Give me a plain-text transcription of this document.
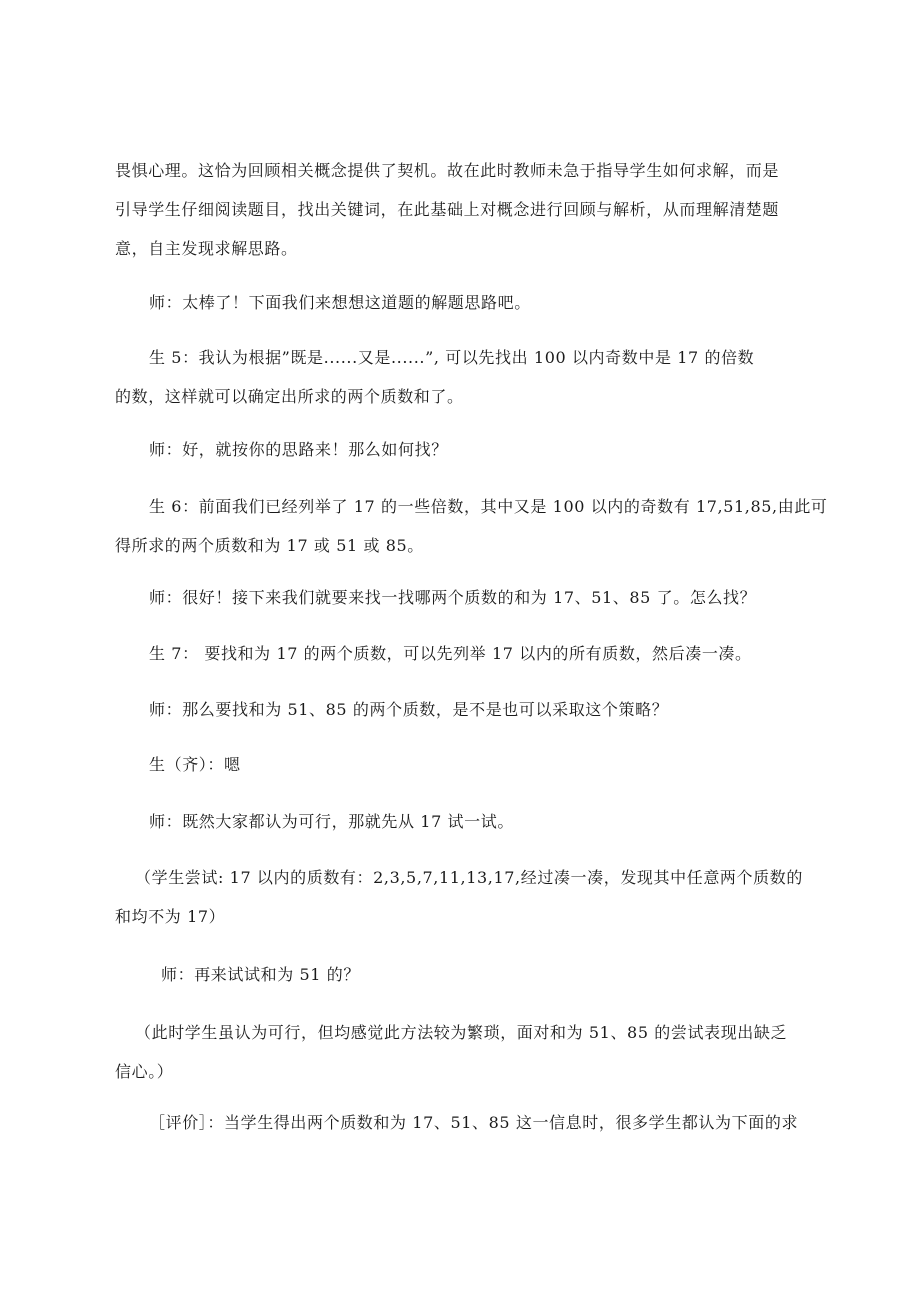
畏惧心理。这恰为回顾相关概念提供了契机。故在此时教师未急于指导学生如何求解，而是
引导学生仔细阅读题目，找出关键词，在此基础上对概念进行回顾与解析，从而理解清楚题
意，自主发现求解思路。
师：太棒了！下面我们来想想这道题的解题思路吧。
生 5：我认为根据”既是......又是......”, 可以先找出 100 以内奇数中是 17 的倍数
的数，这样就可以确定出所求的两个质数和了。
师：好，就按你的思路来！那么如何找？
生 6：前面我们已经列举了 17 的一些倍数，其中又是 100 以内的奇数有 17,51,85,由此可
得所求的两个质数和为 17 或 51 或 85。
师：很好！接下来我们就要来找一找哪两个质数的和为 17、51、85 了。怎么找？
生 7： 要找和为 17 的两个质数，可以先列举 17 以内的所有质数，然后凑一凑。
师：那么要找和为 51、85 的两个质数，是不是也可以采取这个策略？
生（齐）：嗯
师：既然大家都认为可行，那就先从 17 试一试。
（学生尝试: 17 以内的质数有：2,3,5,7,11,13,17,经过凑一凑，发现其中任意两个质数的
和均不为 17）
师：再来试试和为 51 的？
（此时学生虽认为可行，但均感觉此方法较为繁琐，面对和为 51、85 的尝试表现出缺乏
信心。）
［评价］：当学生得出两个质数和为 17、51、85 这一信息时，很多学生都认为下面的求
